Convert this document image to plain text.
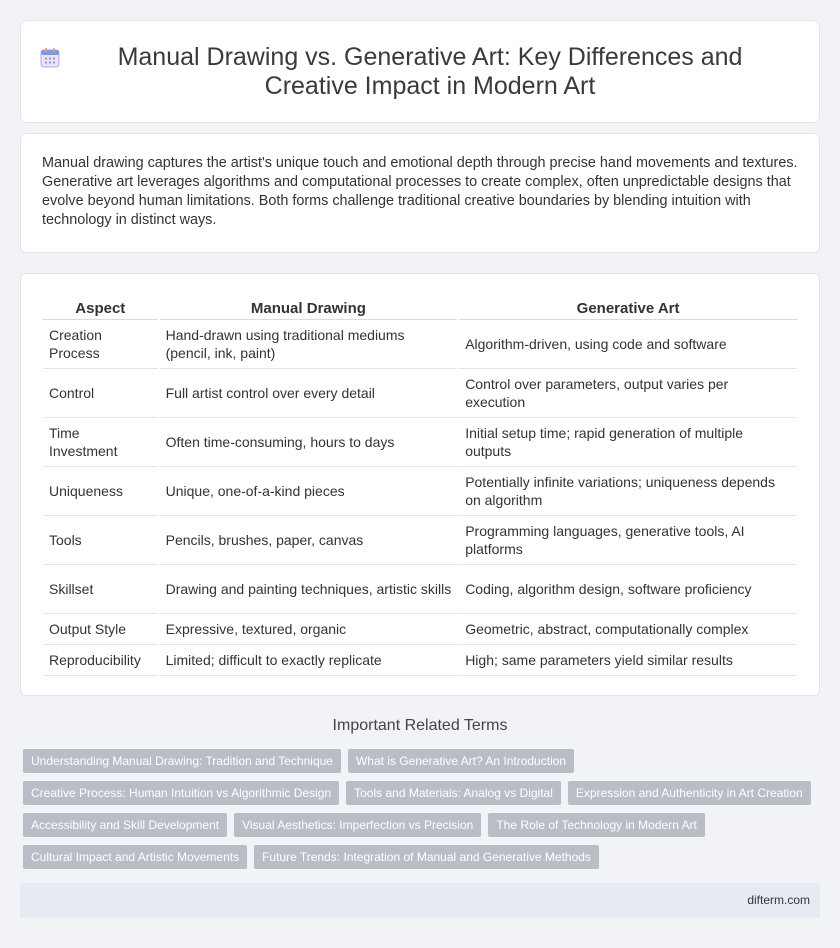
Manual Drawing vs. Generative Art: Key Differences and Creative Impact in Modern Art

Manual drawing captures the artist's unique touch and emotional depth through precise hand movements and textures. Generative art leverages algorithms and computational processes to create complex, often unpredictable designs that evolve beyond human limitations. Both forms challenge traditional creative boundaries by blending intuition with technology in distinct ways.

Aspect	Manual Drawing	Generative Art
Creation Process	Hand-drawn using traditional mediums (pencil, ink, paint)	Algorithm-driven, using code and software
Control	Full artist control over every detail	Control over parameters, output varies per execution
Time Investment	Often time-consuming, hours to days	Initial setup time; rapid generation of multiple outputs
Uniqueness	Unique, one-of-a-kind pieces	Potentially infinite variations; uniqueness depends on algorithm
Tools	Pencils, brushes, paper, canvas	Programming languages, generative tools, AI platforms
Skillset	Drawing and painting techniques, artistic skills	Coding, algorithm design, software proficiency
Output Style	Expressive, textured, organic	Geometric, abstract, computationally complex
Reproducibility	Limited; difficult to exactly replicate	High; same parameters yield similar results
Important Related Terms
Understanding Manual Drawing: Tradition and Technique	What is Generative Art? An Introduction
Creative Process: Human Intuition vs Algorithmic Design	Tools and Materials: Analog vs Digital	Expression and Authenticity in Art Creation
Accessibility and Skill Development	Visual Aesthetics: Imperfection vs Precision	The Role of Technology in Modern Art
Cultural Impact and Artistic Movements	Future Trends: Integration of Manual and Generative Methods
difterm.com
